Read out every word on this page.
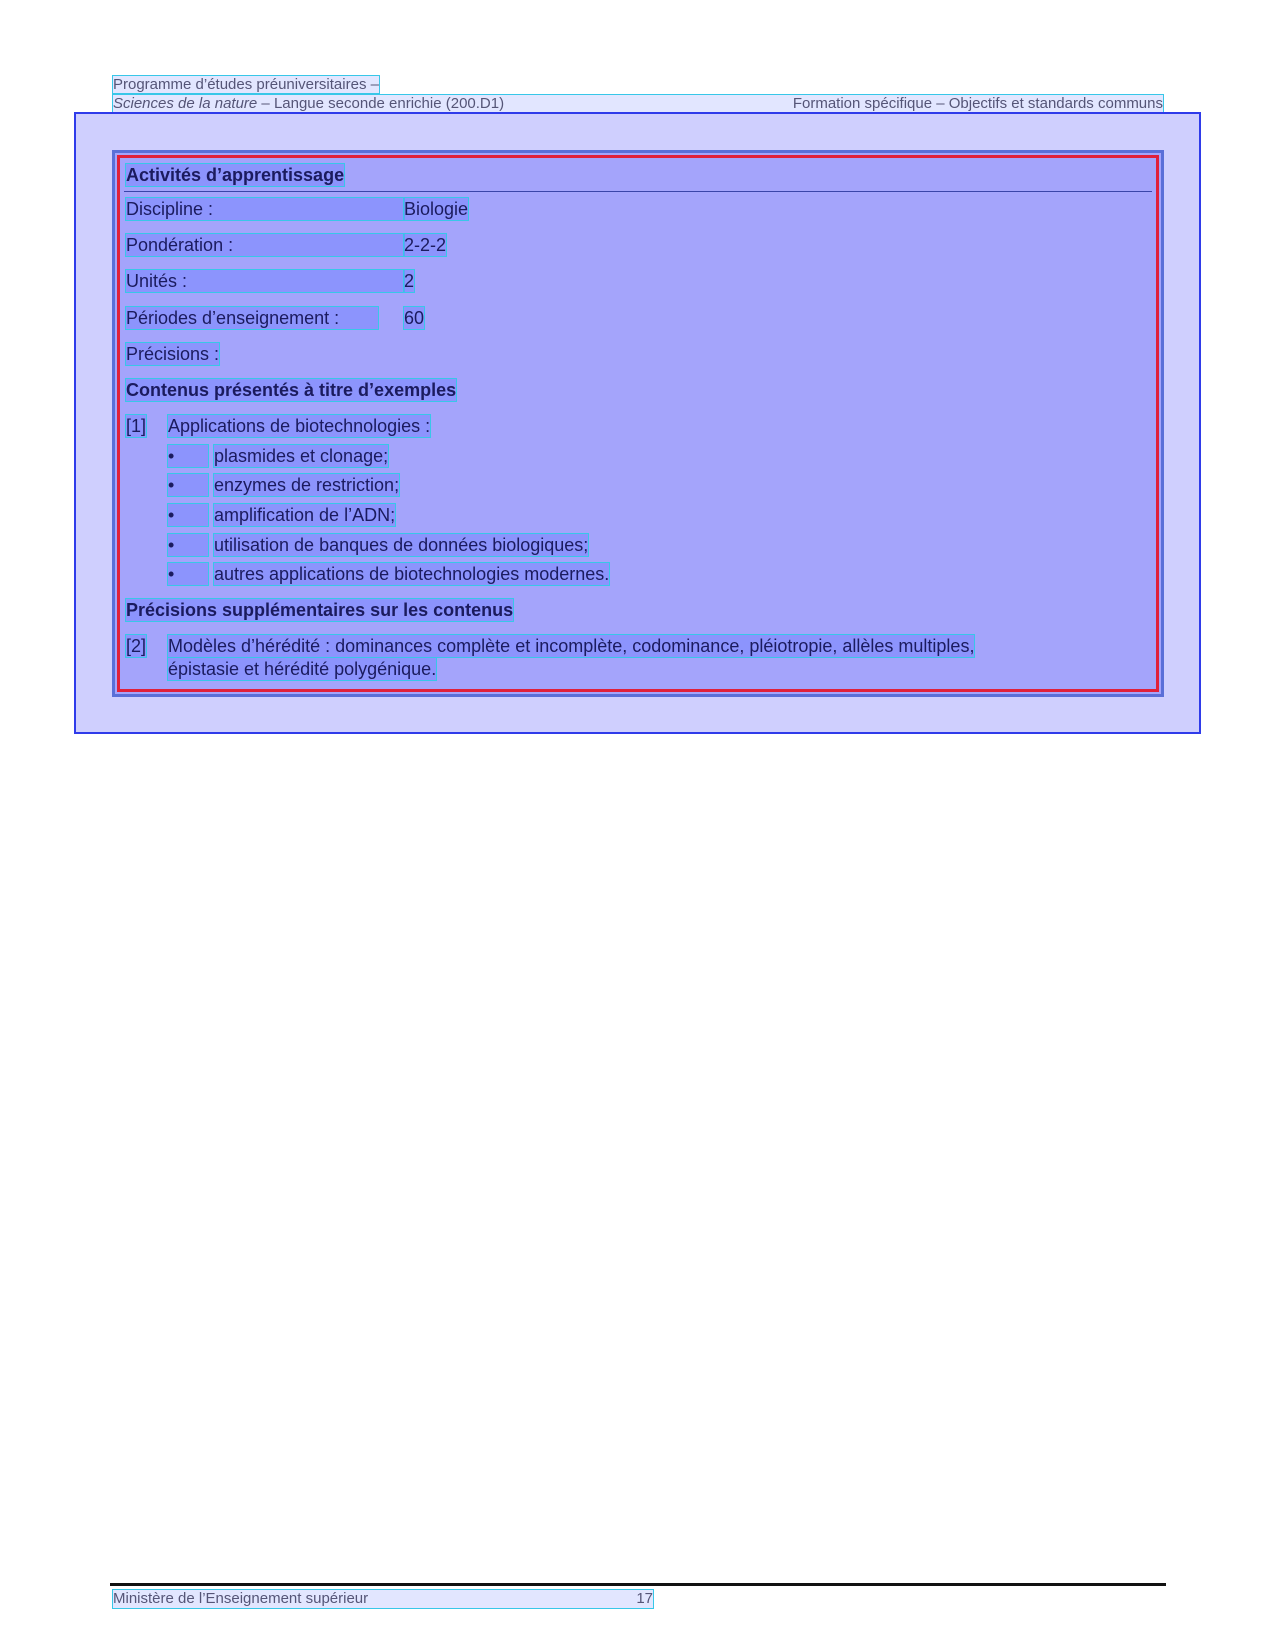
Programme d’études préuniversitaires –
Sciences de la nature – Langue seconde enrichie (200.D1)	Formation spécifique – Objectifs et standards communs
Activités d’apprentissage
Discipline :	Biologie
Pondération :	2-2-2
Unités :	2
Périodes d’enseignement :	60
Précisions :
Contenus présentés à titre d’exemples
[1] Applications de biotechnologies :
•	plasmides et clonage;
•	enzymes de restriction;
•	amplification de l’ADN;
•	utilisation de banques de données biologiques;
•	autres applications de biotechnologies modernes.
Précisions supplémentaires sur les contenus
[2] Modèles d’hérédité : dominances complète et incomplète, codominance, pléiotropie, allèles multiples,
épistasie et hérédité polygénique.
Ministère de l’Enseignement supérieur	17
